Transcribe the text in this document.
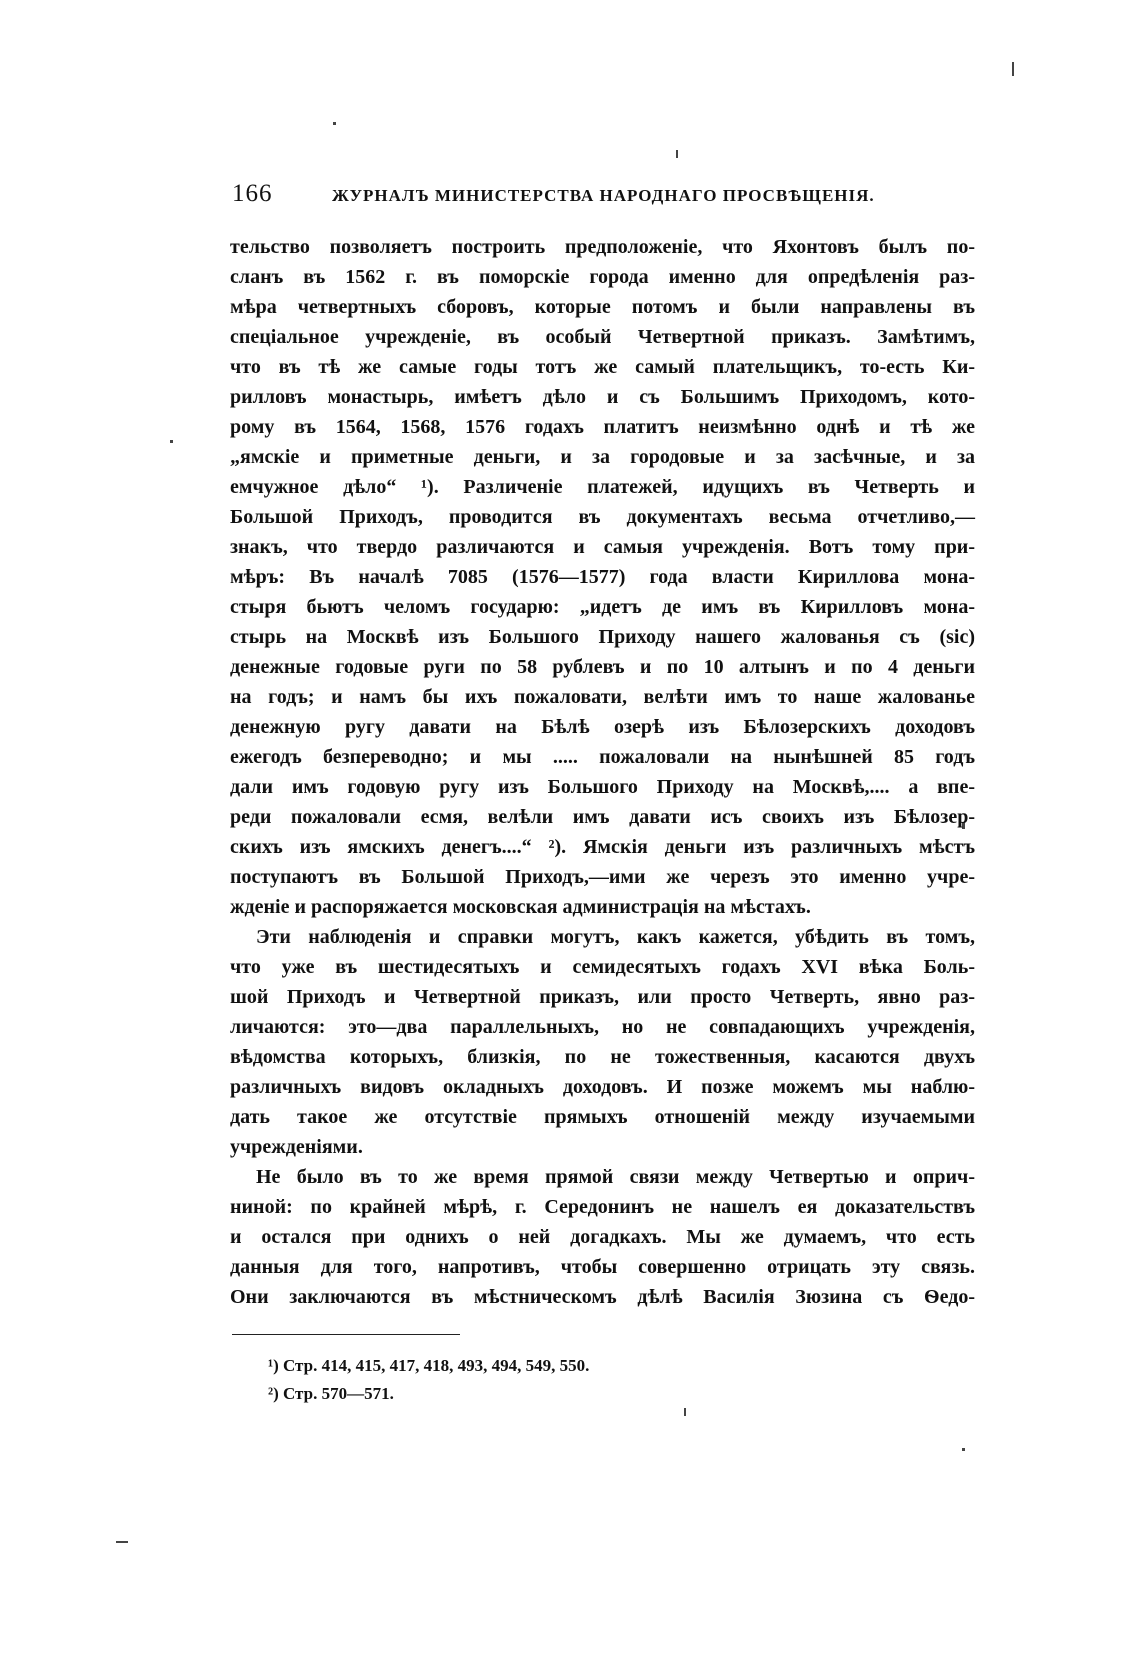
166	ЖУРНАЛЪ МИНИСТЕРСТВА НАРОДНАГО ПРОСВѢЩЕНІЯ.
тельство позволяетъ построить предположеніе, что Яхонтовъ былъ по-
сланъ въ 1562 г. въ поморскіе города именно для опредѣленія раз-
мѣра четвертныхъ сборовъ, которые потомъ и были направлены въ
спеціальное учрежденіе, въ особый Четвертной приказъ. Замѣтимъ,
что въ тѣ же самые годы тотъ же самый плательщикъ, то-есть Ки-
рилловъ монастырь, имѣетъ дѣло и съ Большимъ Приходомъ, кото-
рому въ 1564, 1568, 1576 годахъ платитъ неизмѣнно однѣ и тѣ же
„ямскіе и приметные деньги, и за городовые и за засѣчные, и за
емчужное дѣло“ ¹). Различеніе платежей, идущихъ въ Четверть и
Большой Приходъ, проводится въ документахъ весьма отчетливо,—
знакъ, что твердо различаются и самыя учрежденія. Вотъ тому при-
мѣръ: Въ началѣ 7085 (1576—1577) года власти Кириллова мона-
стыря бьютъ челомъ государю: „идетъ де имъ въ Кирилловъ мона-
стырь на Москвѣ изъ Большого Приходу нашего жалованья съ (sic)
денежные годовые руги по 58 рублевъ и по 10 алтынъ и по 4 деньги
на годъ; и намъ бы ихъ пожаловати, велѣти имъ то наше жалованье
денежную ругу давати на Бѣлѣ озерѣ изъ Бѣлозерскихъ доходовъ
ежегодъ безпереводно; и мы ..... пожаловали на нынѣшней 85 годъ
дали имъ годовую ругу изъ Большого Приходу на Москвѣ,.... а впе-
реди пожаловали есмя, велѣли имъ давати исъ своихъ изъ Бѣлозер-
скихъ изъ ямскихъ денегъ....“ ²). Ямскія деньги изъ различныхъ мѣстъ
поступаютъ въ Большой Приходъ,—ими же черезъ это именно учре-
жденіе и распоряжается московская администрація на мѣстахъ.
Эти наблюденія и справки могутъ, какъ кажется, убѣдить въ томъ,
что уже въ шестидесятыхъ и семидесятыхъ годахъ XVI вѣка Боль-
шой Приходъ и Четвертной приказъ, или просто Четверть, явно раз-
личаются: это—два параллельныхъ, но не совпадающихъ учрежденія,
вѣдомства которыхъ, близкія, по не тожественныя, касаются двухъ
различныхъ видовъ окладныхъ доходовъ. И позже можемъ мы наблю-
дать такое же отсутствіе прямыхъ отношеній между изучаемыми
учрежденіями.
Не было въ то же время прямой связи между Четвертью и оприч-
ниной: по крайней мѣрѣ, г. Середонинъ не нашелъ ея доказательствъ
и остался при однихъ о ней догадкахъ. Мы же думаемъ, что есть
данныя для того, напротивъ, чтобы совершенно отрицать эту связь.
Они заключаются въ мѣстническомъ дѣлѣ Василія Зюзина съ Ѳедо-
¹) Стр. 414, 415, 417, 418, 493, 494, 549, 550.
²) Стр. 570—571.
